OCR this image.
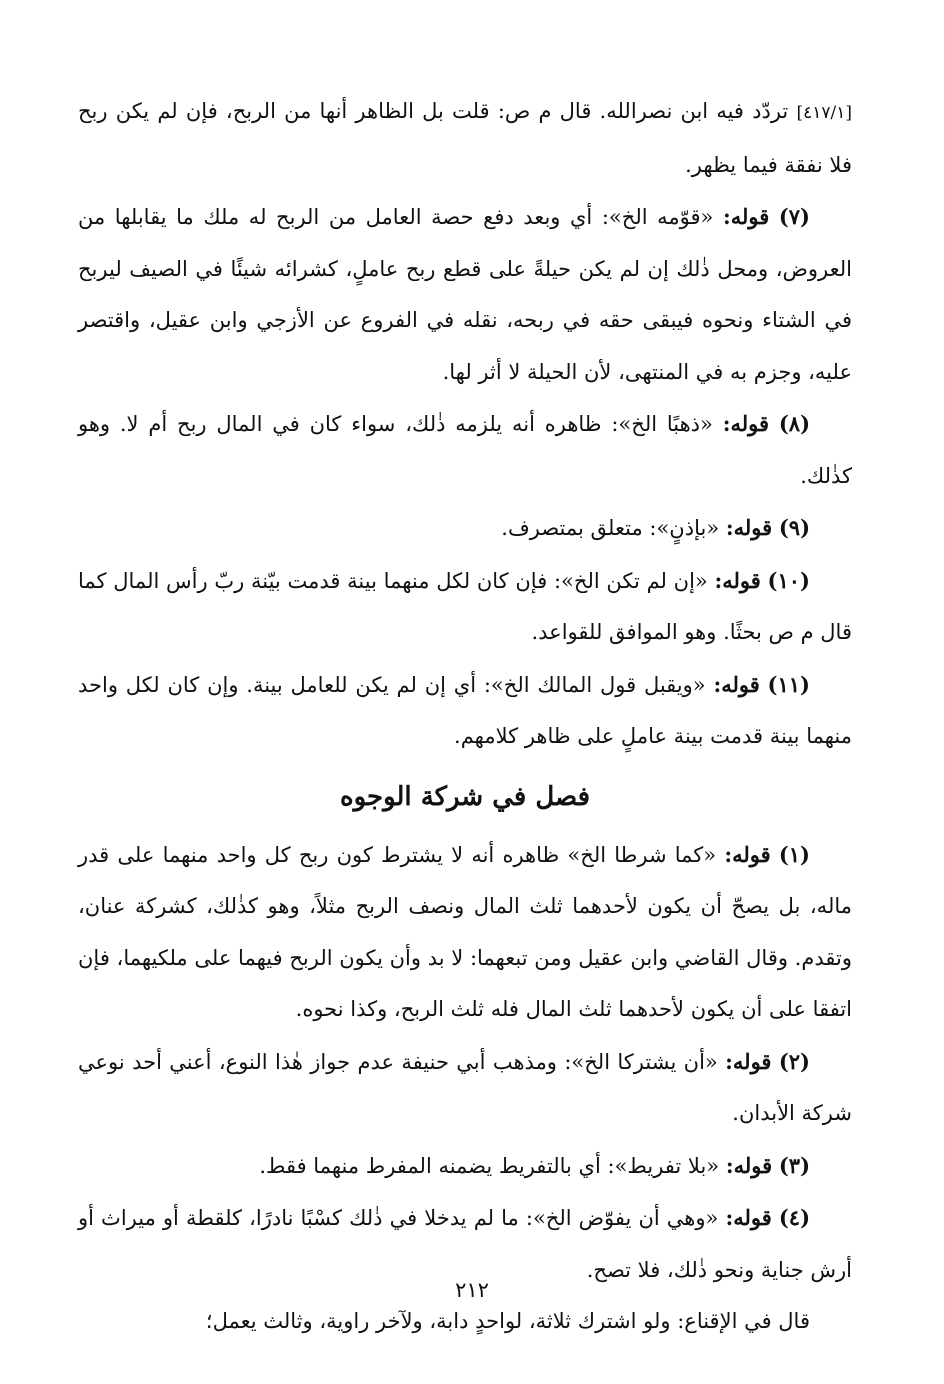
[٤١٧/١] تردّد فيه ابن نصرالله. قال م ص: قلت بل الظاهر أنها من الربح، فإن لم يكن ربح فلا نفقة فيما يظهر.

(٧) قوله: «قوّمه الخ»: أي وبعد دفع حصة العامل من الربح له ملك ما يقابلها من العروض، ومحل ذٰلك إن لم يكن حيلةً على قطع ربح عاملٍ، كشرائه شيئًا في الصيف ليربح في الشتاء ونحوه فيبقى حقه في ربحه، نقله في الفروع عن الأزجي وابن عقيل، واقتصر عليه، وجزم به في المنتهى، لأن الحيلة لا أثر لها.

(٨) قوله: «ذهبًا الخ»: ظاهره أنه يلزمه ذٰلك، سواء كان في المال ربح أم لا. وهو كذٰلك.

(٩) قوله: «بإذنٍ»: متعلق بمتصرف.

(١٠) قوله: «إن لم تكن الخ»: فإن كان لكل منهما بينة قدمت بيّنة ربّ رأس المال كما قال م ص بحثًا. وهو الموافق للقواعد.

(١١) قوله: «ويقبل قول المالك الخ»: أي إن لم يكن للعامل بينة. وإن كان لكل واحد منهما بينة قدمت بينة عاملٍ على ظاهر كلامهم.

فصل في شركة الوجوه

(١) قوله: «كما شرطا الخ» ظاهره أنه لا يشترط كون ربح كل واحد منهما على قدر ماله، بل يصحّ أن يكون لأحدهما ثلث المال ونصف الربح مثلاً، وهو كذٰلك، كشركة عنان، وتقدم. وقال القاضي وابن عقيل ومن تبعهما: لا بد وأن يكون الربح فيهما على ملكيهما، فإن اتفقا على أن يكون لأحدهما ثلث المال فله ثلث الربح، وكذا نحوه.

(٢) قوله: «أن يشتركا الخ»: ومذهب أبي حنيفة عدم جواز هٰذا النوع، أعني أحد نوعي شركة الأبدان.

(٣) قوله: «بلا تفريط»: أي بالتفريط يضمنه المفرط منهما فقط.

(٤) قوله: «وهي أن يفوّض الخ»: ما لم يدخلا في ذٰلك كسْبًا نادرًا، كلقطة أو ميراث أو أرش جناية ونحو ذٰلك، فلا تصح.

قال في الإقناع: ولو اشترك ثلاثة، لواحدٍ دابة، ولآخر راوية، وثالث يعمل؛

٢١٢
